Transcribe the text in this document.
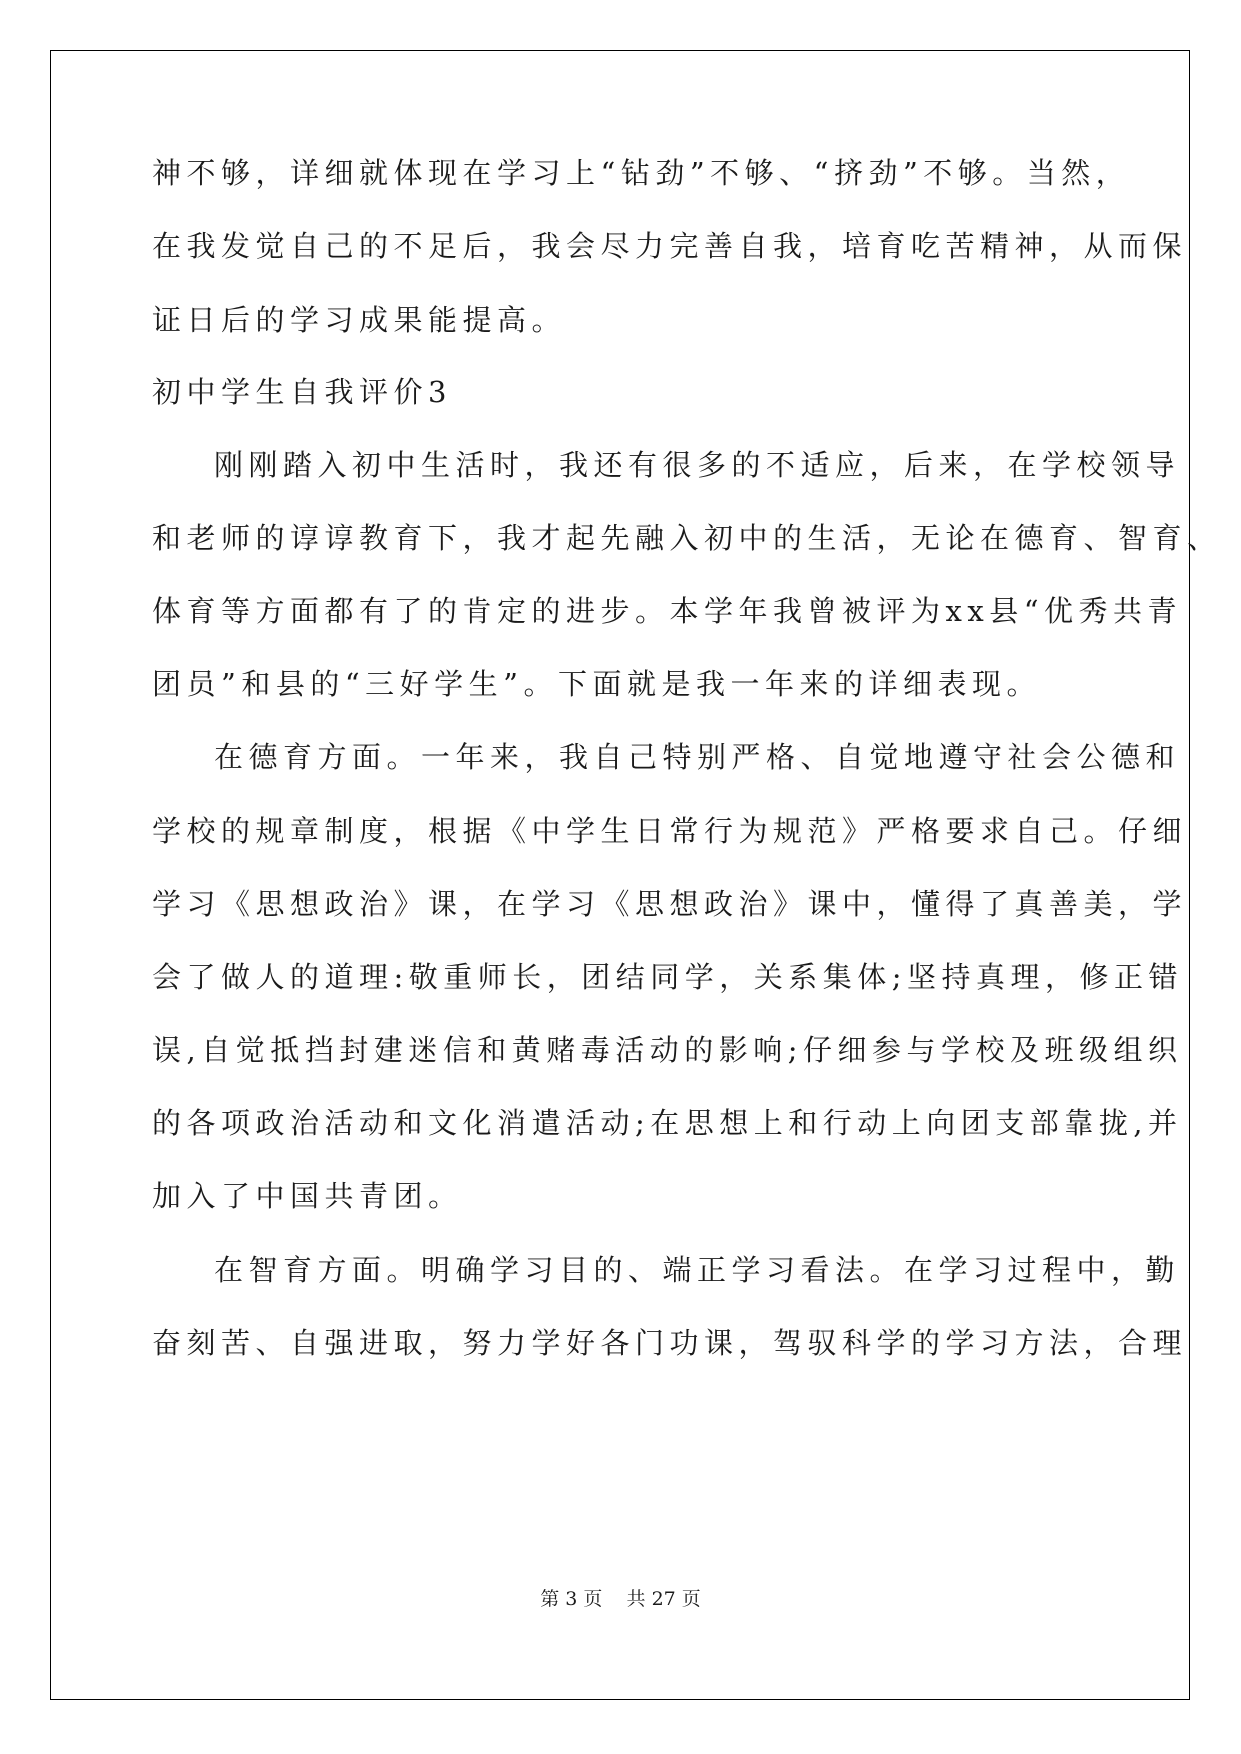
神不够，详细就体现在学习上“钻劲”不够、“挤劲”不够。当然，
在我发觉自己的不足后，我会尽力完善自我，培育吃苦精神，从而保
证日后的学习成果能提高。
初中学生自我评价3
刚刚踏入初中生活时，我还有很多的不适应，后来，在学校领导
和老师的谆谆教育下，我才起先融入初中的生活，无论在德育、智育、
体育等方面都有了的肯定的进步。本学年我曾被评为xx县“优秀共青
团员”和县的“三好学生”。下面就是我一年来的详细表现。
在德育方面。一年来，我自己特别严格、自觉地遵守社会公德和
学校的规章制度，根据《中学生日常行为规范》严格要求自己。仔细
学习《思想政治》课，在学习《思想政治》课中，懂得了真善美，学
会了做人的道理:敬重师长，团结同学，关系集体;坚持真理，修正错
误,自觉抵挡封建迷信和黄赌毒活动的影响;仔细参与学校及班级组织
的各项政治活动和文化消遣活动;在思想上和行动上向团支部靠拢,并
加入了中国共青团。
在智育方面。明确学习目的、端正学习看法。在学习过程中，勤
奋刻苦、自强进取，努力学好各门功课，驾驭科学的学习方法，合理
第 3 页    共 27 页
